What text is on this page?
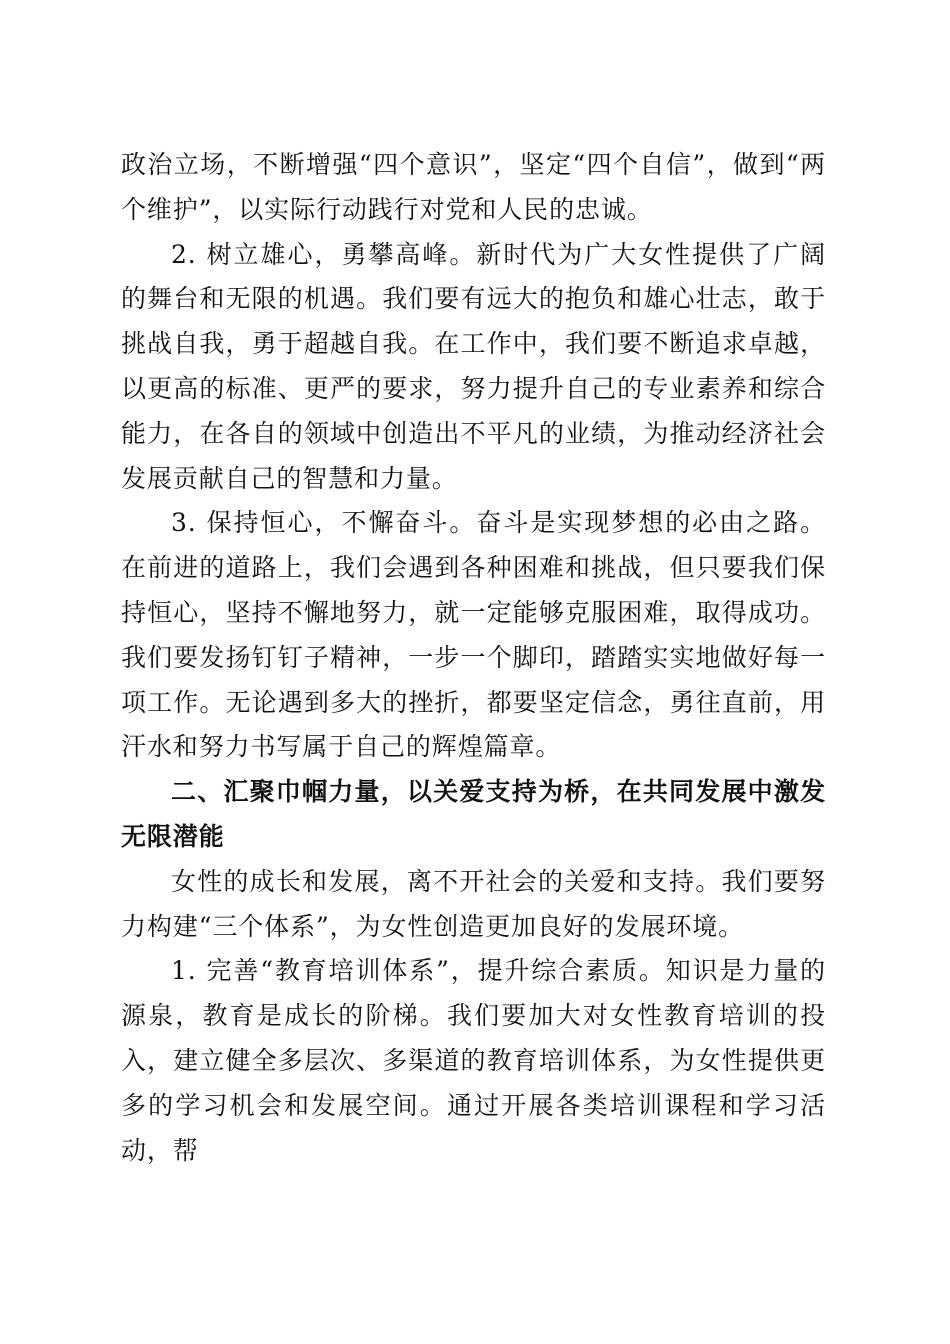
政治立场，不断增强“四个意识”，坚定“四个自信”，做到“两个维护”，以实际行动践行对党和人民的忠诚。

2. 树立雄心，勇攀高峰。新时代为广大女性提供了广阔的舞台和无限的机遇。我们要有远大的抱负和雄心壮志，敢于挑战自我，勇于超越自我。在工作中，我们要不断追求卓越，以更高的标准、更严的要求，努力提升自己的专业素养和综合能力，在各自的领域中创造出不平凡的业绩，为推动经济社会发展贡献自己的智慧和力量。

3. 保持恒心，不懈奋斗。奋斗是实现梦想的必由之路。在前进的道路上，我们会遇到各种困难和挑战，但只要我们保持恒心，坚持不懈地努力，就一定能够克服困难，取得成功。我们要发扬钉钉子精神，一步一个脚印，踏踏实实地做好每一项工作。无论遇到多大的挫折，都要坚定信念，勇往直前，用汗水和努力书写属于自己的辉煌篇章。

二、汇聚巾帼力量，以关爱支持为桥，在共同发展中激发无限潜能

女性的成长和发展，离不开社会的关爱和支持。我们要努力构建“三个体系”，为女性创造更加良好的发展环境。

1. 完善“教育培训体系”，提升综合素质。知识是力量的源泉，教育是成长的阶梯。我们要加大对女性教育培训的投入，建立健全多层次、多渠道的教育培训体系，为女性提供更多的学习机会和发展空间。通过开展各类培训课程和学习活动，帮
